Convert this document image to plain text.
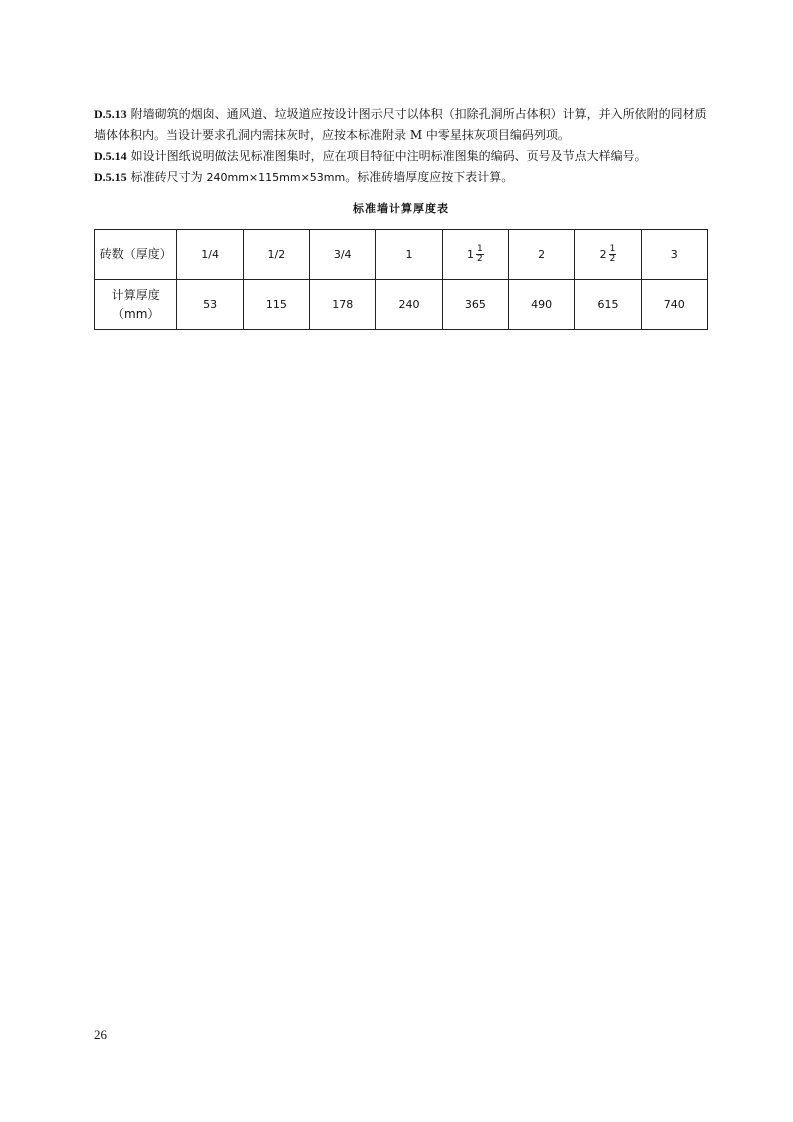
D.5.13 附墙砌筑的烟囱、通风道、垃圾道应按设计图示尺寸以体积（扣除孔洞所占体积）计算，并入所依附的同材质墙体体积内。当设计要求孔洞内需抹灰时，应按本标准附录 M 中零星抹灰项目编码列项。
D.5.14 如设计图纸说明做法见标准图集时，应在项目特征中注明标准图集的编码、页号及节点大样编号。
D.5.15 标准砖尺寸为 240mm×115mm×53mm。标准砖墙厚度应按下表计算。
标准墙计算厚度表
砖数（厚度）	1/4	1/2	3/4	1	$1 \frac{1}{2}$	2	$2 \frac{1}{2}$	3

计算厚度
（mm）	53	115	178	240	365	490	615	740
26
